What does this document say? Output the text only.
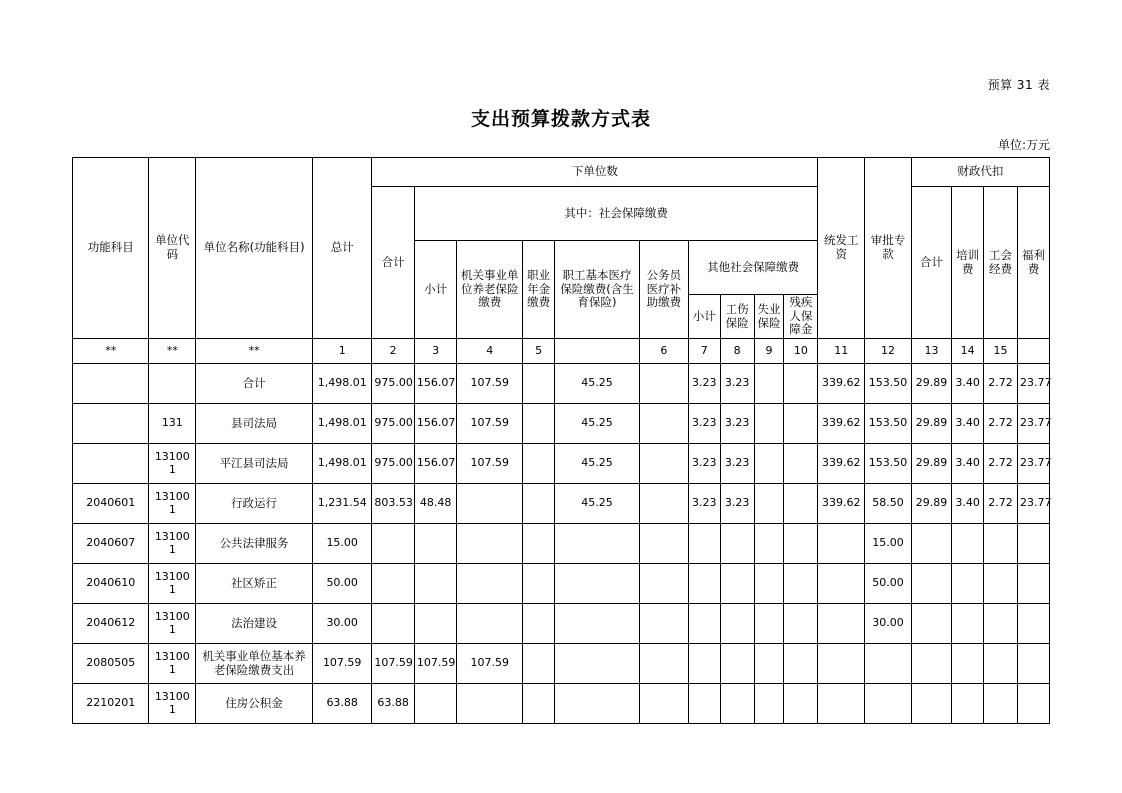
预算 31 表
支出预算拨款方式表
单位:万元
功能科目	单位代码	单位名称(功能科目)	总计	下单位数										统发工资	审批专款	财政代扣			
				合计	其中：社会保障缴费											合计	培训费	工会经费	福利费
					小计	机关事业单位养老保险缴费	职业年金缴费	职工基本医疗保险缴费(含生育保险)	公务员医疗补助缴费	其他社会保障缴费									
										小计	工伤保险	失业保险	残疾人保障金						
**	**	**	1	2	3	4	5		6	7	8	9	10	11	12	13	14	15	
		合计	1,498.01	975.00	156.07	107.59		45.25		3.23	3.23			339.62	153.50	29.89	3.40	2.72	23.77
	131	县司法局	1,498.01	975.00	156.07	107.59		45.25		3.23	3.23			339.62	153.50	29.89	3.40	2.72	23.77
	131001	平江县司法局	1,498.01	975.00	156.07	107.59		45.25		3.23	3.23			339.62	153.50	29.89	3.40	2.72	23.77
2040601	131001	行政运行	1,231.54	803.53	48.48			45.25		3.23	3.23			339.62	58.50	29.89	3.40	2.72	23.77
2040607	131001	公共法律服务	15.00												15.00				
2040610	131001	社区矫正	50.00												50.00				
2040612	131001	法治建设	30.00												30.00				
2080505	131001	机关事业单位基本养老保险缴费支出	107.59	107.59	107.59	107.59													
2210201	131001	住房公积金	63.88	63.88															
